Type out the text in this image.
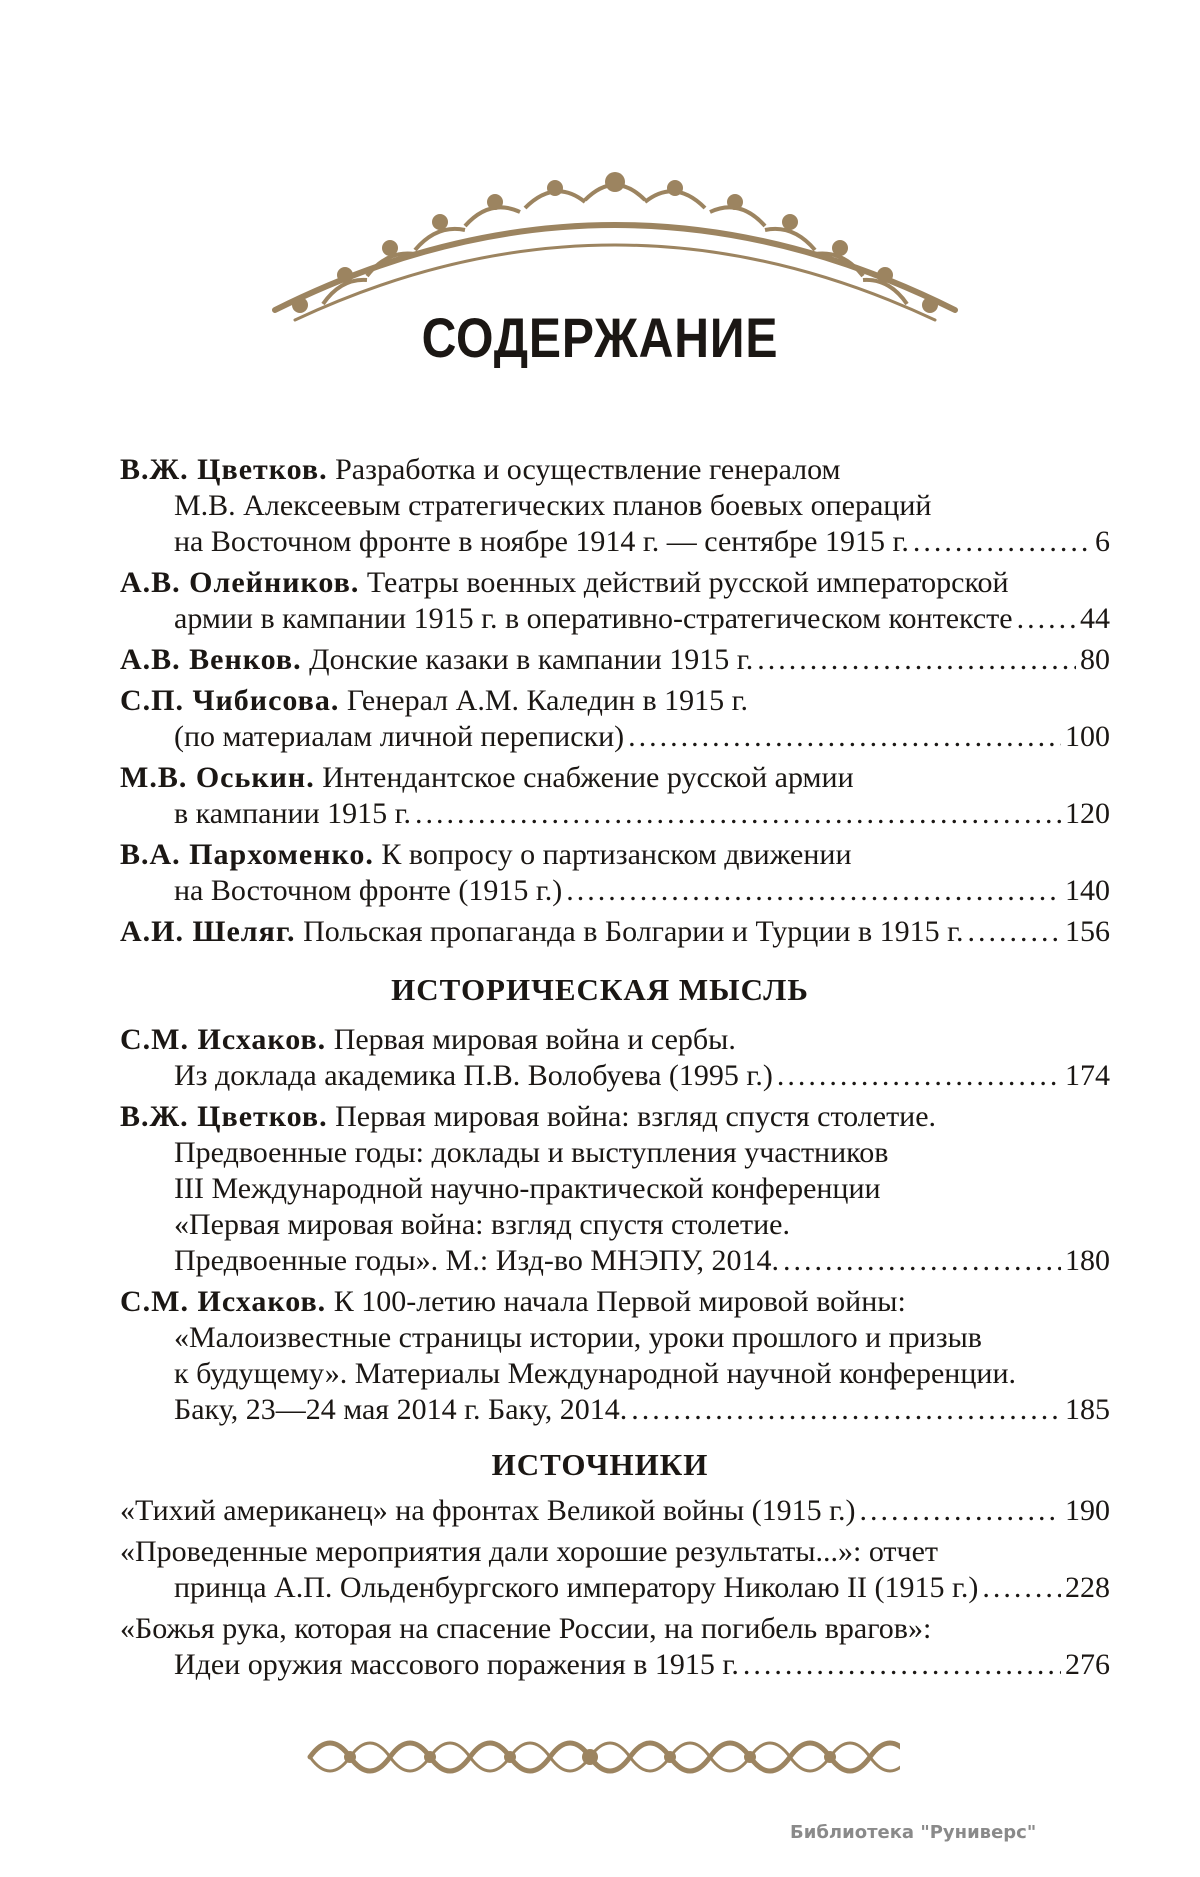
СОДЕРЖАНИЕ
В.Ж. Цветков. Разработка и осуществление генералом
М.В. Алексеевым стратегических планов боевых операций
на Восточном фронте в ноябре 1914 г. — сентябре 1915 г. .....	6
А.В. Олейников. Театры военных действий русской императорской
армии в кампании 1915 г. в оперативно-стратегическом контексте ..... 44
А.В. Венков. Донские казаки в кампании 1915 г. .....	80
С.П. Чибисова. Генерал А.М. Каледин в 1915 г.
(по материалам личной переписки) .....	100
М.В. Оськин. Интендантское снабжение русской армии
в кампании 1915 г. .....	120
В.А. Пархоменко. К вопросу о партизанском движении
на Восточном фронте (1915 г.) .....	140
А.И. Шеляг. Польская пропаганда в Болгарии и Турции в 1915 г. .....	156
ИСТОРИЧЕСКАЯ МЫСЛЬ
С.М. Исхаков. Первая мировая война и сербы.
Из доклада академика П.В. Волобуева (1995 г.) .....	174
В.Ж. Цветков. Первая мировая война: взгляд спустя столетие.
Предвоенные годы: доклады и выступления участников
III Международной научно-практической конференции
«Первая мировая война: взгляд спустя столетие.
Предвоенные годы». М.: Изд-во МНЭПУ, 2014. .....	180
С.М. Исхаков. К 100-летию начала Первой мировой войны:
«Малоизвестные страницы истории, уроки прошлого и призыв
к будущему». Материалы Международной научной конференции.
Баку, 23—24 мая 2014 г. Баку, 2014. .....	185
ИСТОЧНИКИ
«Тихий американец» на фронтах Великой войны (1915 г.) .....	190
«Проведенные мероприятия дали хорошие результаты...»: отчет
принца А.П. Ольденбургского императору Николаю II (1915 г.) .....	228
«Божья рука, которая на спасение России, на погибель врагов»:
Идеи оружия массового поражения в 1915 г. .....	276
Библиотека "Руниверс"
